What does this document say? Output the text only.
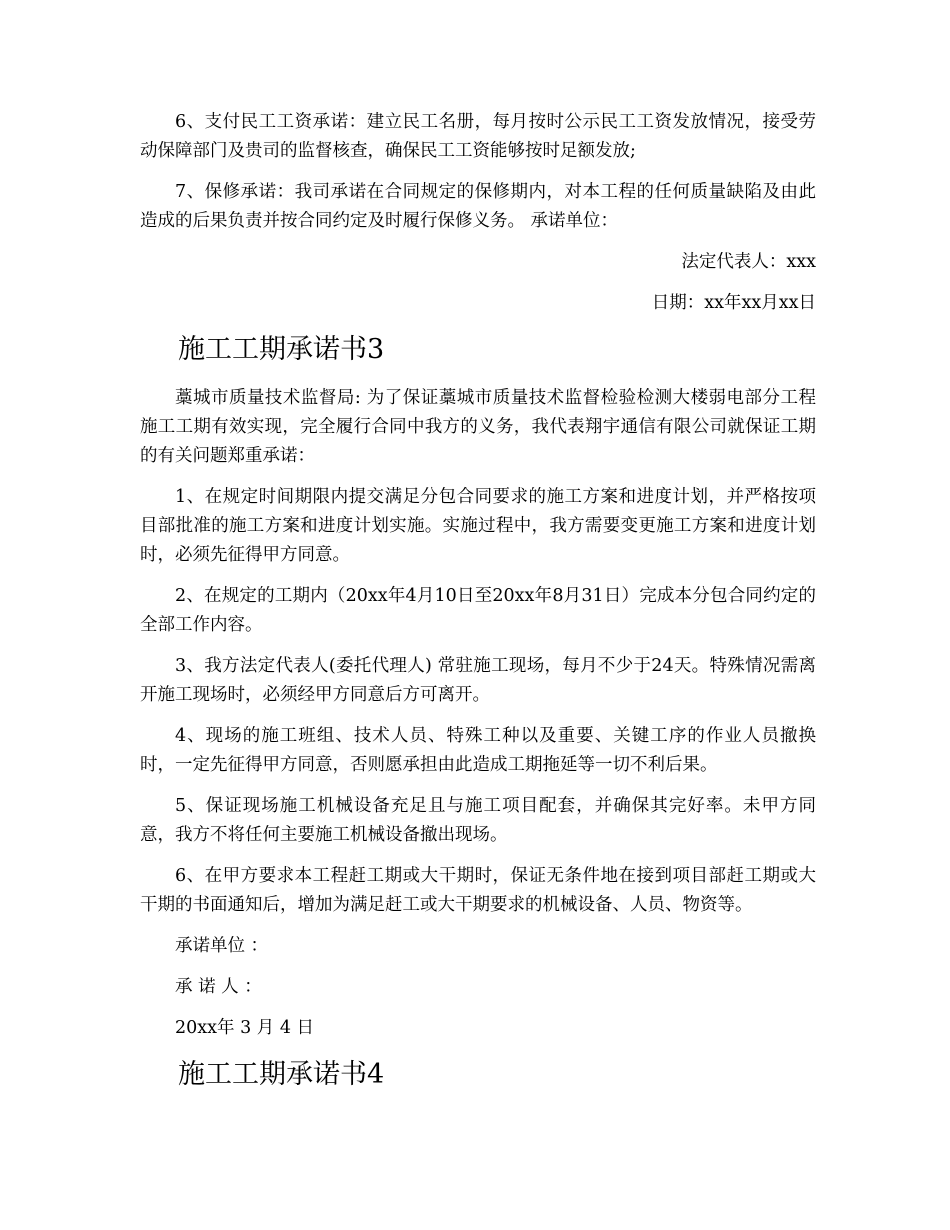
6、支付民工工资承诺：建立民工名册，每月按时公示民工工资发放情况，接受劳动保障部门及贵司的监督核查，确保民工工资能够按时足额发放;

7、保修承诺：我司承诺在合同规定的保修期内，对本工程的任何质量缺陷及由此造成的后果负责并按合同约定及时履行保修义务。 承诺单位：

法定代表人：xxx

日期：xx年xx月xx日

施工工期承诺书3

藁城市质量技术监督局: 为了保证藁城市质量技术监督检验检测大楼弱电部分工程 施工工期有效实现，完全履行合同中我方的义务，我代表翔宇通信有限公司就保证工期的有关问题郑重承诺：

1、在规定时间期限内提交满足分包合同要求的施工方案和进度计划，并严格按项目部批准的施工方案和进度计划实施。实施过程中，我方需要变更施工方案和进度计划时，必须先征得甲方同意。

2、在规定的工期内（20xx年4月10日至20xx年8月31日）完成本分包合同约定的全部工作内容。

3、我方法定代表人(委托代理人) 常驻施工现场，每月不少于24天。特殊情况需离开施工现场时，必须经甲方同意后方可离开。

4、现场的施工班组、技术人员、特殊工种以及重要、关键工序的作业人员撤换时，一定先征得甲方同意，否则愿承担由此造成工期拖延等一切不利后果。

5、保证现场施工机械设备充足且与施工项目配套，并确保其完好率。未甲方同意，我方不将任何主要施工机械设备撤出现场。

6、在甲方要求本工程赶工期或大干期时，保证无条件地在接到项目部赶工期或大干期的书面通知后，增加为满足赶工或大干期要求的机械设备、人员、物资等。

承诺单位 ：

承 诺 人 ：

20xx年 3 月 4 日

施工工期承诺书4
